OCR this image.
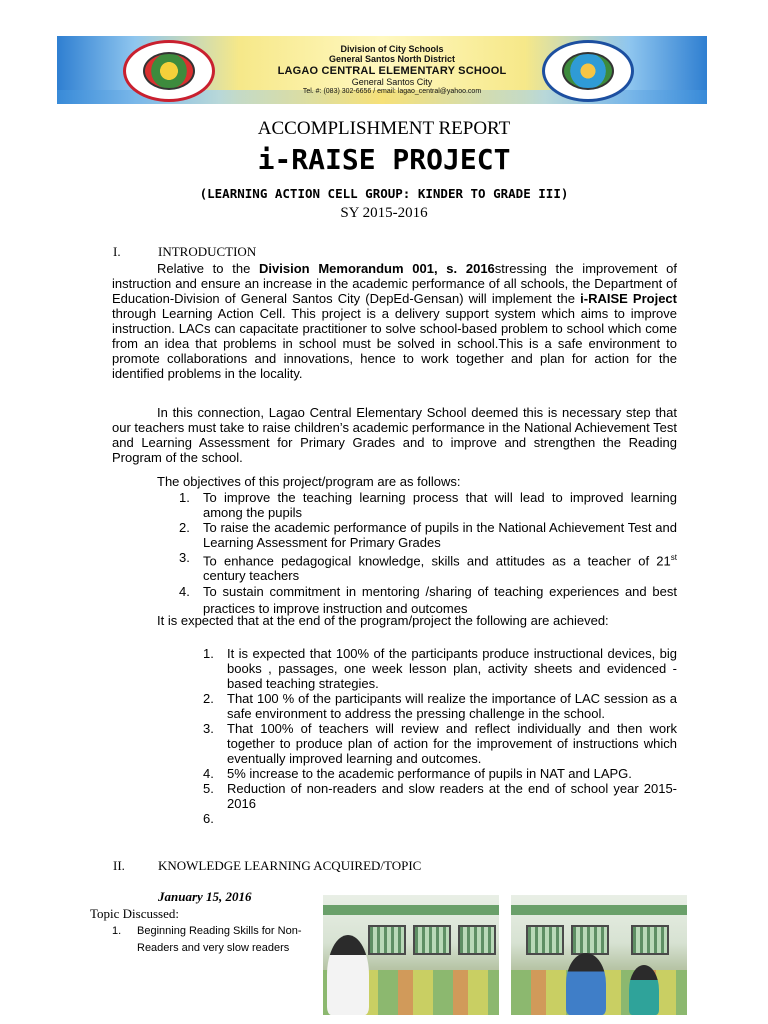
Division of City Schools
General Santos North District
LAGAO CENTRAL ELEMENTARY SCHOOL
General Santos City
Tel. #: (083) 302-6656 / email: lagao_central@yahoo.com
ACCOMPLISHMENT REPORT
i-RAISE PROJECT
(LEARNING ACTION CELL GROUP: KINDER TO GRADE III)
SY 2015-2016
I.	INTRODUCTION
Relative to the Division Memorandum 001, s. 2016stressing the improvement of instruction and ensure an increase in the academic performance of all schools, the Department of Education-Division of General Santos City (DepEd-Gensan) will implement the i-RAISE Project through Learning Action Cell. This project is a delivery support system which aims to improve instruction. LACs can capacitate practitioner to solve school-based problem to school which come from an idea that problems in school must be solved in school.This is a safe environment to promote collaborations and innovations, hence to work together and plan for action for the identified problems in the locality.
In this connection, Lagao Central Elementary School deemed this is necessary step that our teachers must take to raise children’s academic performance in the National Achievement Test and Learning Assessment for Primary Grades and to improve and strengthen the Reading Program of the school.
The objectives of this project/program are as follows:
1. To improve the teaching learning process that will lead to improved learning among the pupils
2. To raise the academic performance of pupils in the National Achievement Test and Learning Assessment for Primary Grades
3. To enhance pedagogical knowledge, skills and attitudes as a teacher of 21st century teachers
4. To sustain commitment in mentoring /sharing of teaching experiences and best practices to improve instruction and outcomes
It is expected that at the end of the program/project the following are achieved:
1. It is expected that 100% of the participants produce instructional devices, big books , passages, one week lesson plan, activity sheets and evidenced -based teaching strategies.
2. That 100 % of the participants will realize the importance of LAC session as a safe environment to address the pressing challenge in the school.
3. That 100% of teachers will review and reflect individually and then work together to produce plan of action for the improvement of instructions which eventually improved learning and outcomes.
4. 5% increase to the academic performance of pupils in NAT and LAPG.
5. Reduction of non-readers and slow readers at the end of school year 2015-2016
6.
II.	KNOWLEDGE LEARNING ACQUIRED/TOPIC
January 15, 2016
Topic Discussed:
1. Beginning Reading Skills for Non-Readers and very slow readers
